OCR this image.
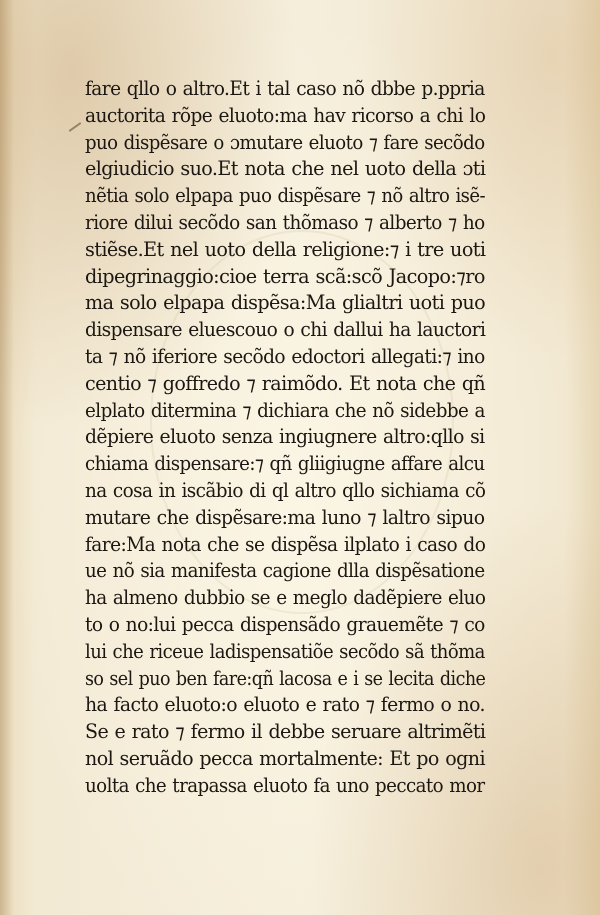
fare qllo o altro.Et i tal caso nõ dbbe p.ppria
auctorita rõpe eluoto:ma hav ricorso a chi lo
puo dispẽsare o ɔmutare eluoto ⁊ fare secõdo
elgiudicio suo.Et nota che nel uoto della ɔti
nẽtia solo elpapa puo dispẽsare ⁊ nõ altro isẽ-
riore dilui secõdo san thõmaso ⁊ alberto ⁊ ho
stiẽse.Et nel uoto della religione:⁊ i tre uoti
dipegrinaggio:cioe terra scã:scõ Jacopo:⁊ro
ma solo elpapa dispẽsa:Ma glialtri uoti puo
dispensare eluescouo o chi dallui ha lauctori
ta ⁊ nõ iferiore secõdo edoctori allegati:⁊ ino
centio ⁊ goffredo ⁊ raimõdo. Et nota che qñ
elplato ditermina ⁊ dichiara che nõ sidebbe a
dẽpiere eluoto senza ingiugnere altro:qllo si
chiama dispensare:⁊ qñ gliigiugne affare alcu
na cosa in iscãbio di ql altro qllo sichiama cõ
mutare che dispẽsare:ma luno ⁊ laltro sipuo
fare:Ma nota che se dispẽsa ilplato i caso do
ue nõ sia manifesta cagione dlla dispẽsatione
ha almeno dubbio se e meglo dadẽpiere eluo
to o no:lui pecca dispensãdo grauemẽte ⁊ co
lui che riceue ladispensatiõe secõdo sã thõma
so sel puo ben fare:qñ lacosa e i se lecita diche
ha facto eluoto:o eluoto e rato ⁊ fermo o no.
Se e rato ⁊ fermo il debbe seruare altrimẽti
nol seruãdo pecca mortalmente: Et po ogni
uolta che trapassa eluoto fa uno peccato mor
